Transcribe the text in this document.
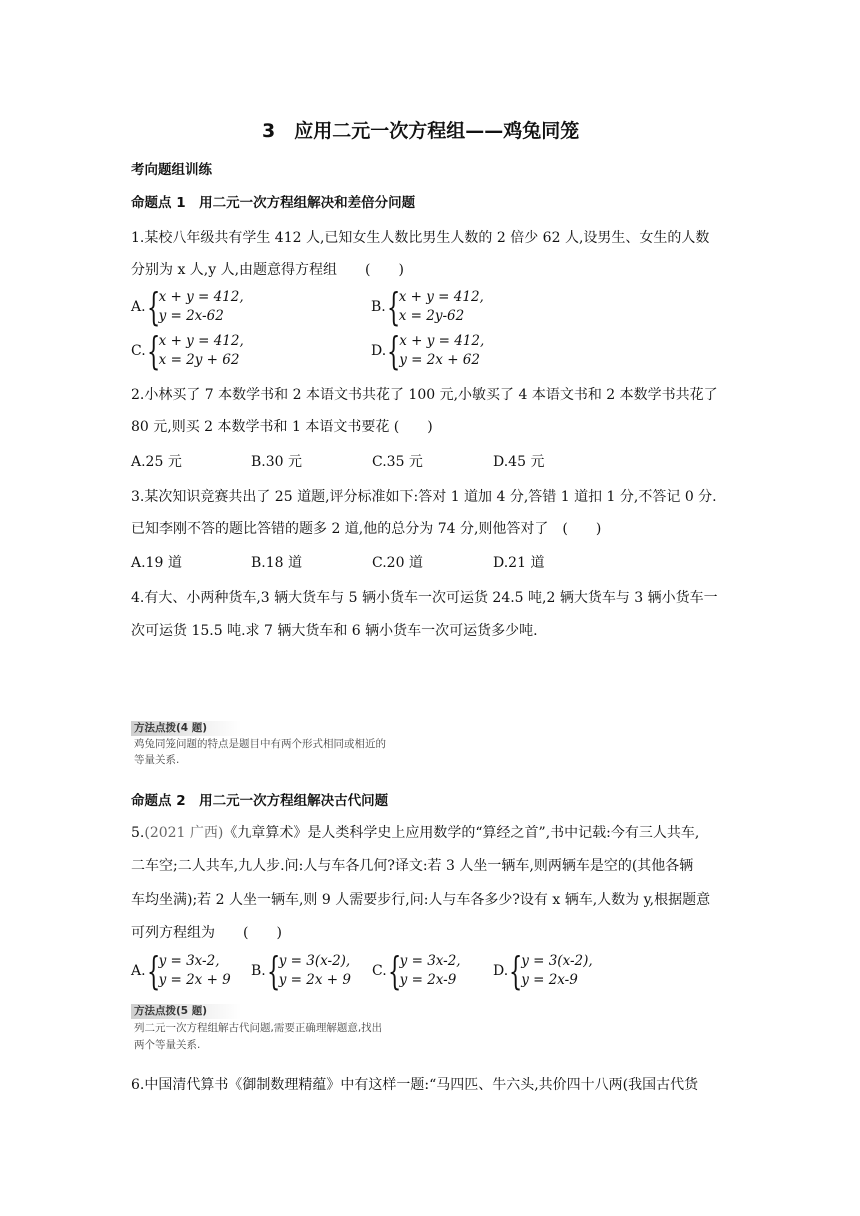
3　应用二元一次方程组——鸡兔同笼
考向题组训练
命题点 1　用二元一次方程组解决和差倍分问题
1.某校八年级共有学生 412 人,已知女生人数比男生人数的 2 倍少 62 人,设男生、女生的人数
分别为 x 人,y 人,由题意得方程组　　(　　)
A. {
x + y = 412,
y = 2x-62
B. {
x + y = 412,
x = 2y-62
C. {
x + y = 412,
x = 2y + 62
D. {
x + y = 412,
y = 2x + 62
2.小林买了 7 本数学书和 2 本语文书共花了 100 元,小敏买了 4 本语文书和 2 本数学书共花了
80 元,则买 2 本数学书和 1 本语文书要花 (　　)
A.25 元	B.30 元	C.35 元	D.45 元
3.某次知识竞赛共出了 25 道题,评分标准如下:答对 1 道加 4 分,答错 1 道扣 1 分,不答记 0 分.
已知李刚不答的题比答错的题多 2 道,他的总分为 74 分,则他答对了　(　　)
A.19 道	B.18 道	C.20 道	D.21 道
4.有大、小两种货车,3 辆大货车与 5 辆小货车一次可运货 24.5 吨,2 辆大货车与 3 辆小货车一
次可运货 15.5 吨.求 7 辆大货车和 6 辆小货车一次可运货多少吨.
方法点拨(4 题)
鸡兔同笼问题的特点是题目中有两个形式相同或相近的
等量关系.
命题点 2　用二元一次方程组解决古代问题
5.(2021 广西)《九章算术》是人类科学史上应用数学的“算经之首”,书中记载:今有三人共车,
二车空;二人共车,九人步.问:人与车各几何?译文:若 3 人坐一辆车,则两辆车是空的(其他各辆
车均坐满);若 2 人坐一辆车,则 9 人需要步行,问:人与车各多少?设有 x 辆车,人数为 y,根据题意
可列方程组为　　(　　)
A. {
y = 3x-2,
y = 2x + 9
B. {
y = 3(x-2),
y = 2x + 9
C. {
y = 3x-2,
y = 2x-9
D. {
y = 3(x-2),
y = 2x-9
方法点拨(5 题)
列二元一次方程组解古代问题,需要正确理解题意,找出
两个等量关系.
6.中国清代算书《御制数理精蕴》中有这样一题:“马四匹、牛六头,共价四十八两(我国古代货
